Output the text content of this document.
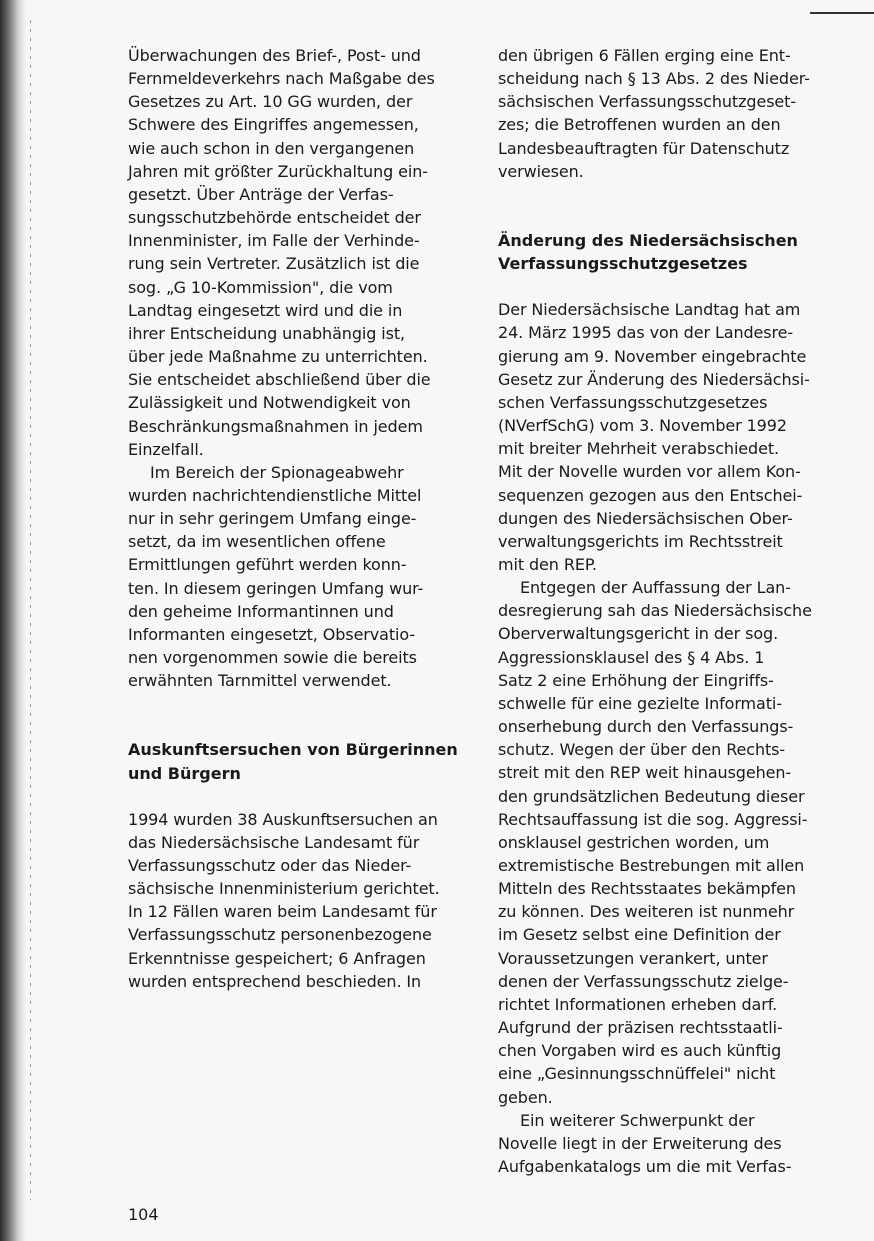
Überwachungen des Brief-, Post- und
Fernmeldeverkehrs nach Maßgabe des
Gesetzes zu Art. 10 GG wurden, der
Schwere des Eingriffes angemessen,
wie auch schon in den vergangenen
Jahren mit größter Zurückhaltung ein-
gesetzt. Über Anträge der Verfas-
sungsschutzbehörde entscheidet der
Innenminister, im Falle der Verhinde-
rung sein Vertreter. Zusätzlich ist die
sog. „G 10-Kommission", die vom
Landtag eingesetzt wird und die in
ihrer Entscheidung unabhängig ist,
über jede Maßnahme zu unterrichten.
Sie entscheidet abschließend über die
Zulässigkeit und Notwendigkeit von
Beschränkungsmaßnahmen in jedem
Einzelfall.
Im Bereich der Spionageabwehr
wurden nachrichtendienstliche Mittel
nur in sehr geringem Umfang einge-
setzt, da im wesentlichen offene
Ermittlungen geführt werden konn-
ten. In diesem geringen Umfang wur-
den geheime Informantinnen und
Informanten eingesetzt, Observatio-
nen vorgenommen sowie die bereits
erwähnten Tarnmittel verwendet.
Auskunftsersuchen von Bürgerinnen
und Bürgern
1994 wurden 38 Auskunftsersuchen an
das Niedersächsische Landesamt für
Verfassungsschutz oder das Nieder-
sächsische Innenministerium gerichtet.
In 12 Fällen waren beim Landesamt für
Verfassungsschutz personenbezogene
Erkenntnisse gespeichert; 6 Anfragen
wurden entsprechend beschieden. In
den übrigen 6 Fällen erging eine Ent-
scheidung nach § 13 Abs. 2 des Nieder-
sächsischen Verfassungsschutzgeset-
zes; die Betroffenen wurden an den
Landesbeauftragten für Datenschutz
verwiesen.
Änderung des Niedersächsischen
Verfassungsschutzgesetzes
Der Niedersächsische Landtag hat am
24. März 1995 das von der Landesre-
gierung am 9. November eingebrachte
Gesetz zur Änderung des Niedersächsi-
schen Verfassungsschutzgesetzes
(NVerfSchG) vom 3. November 1992
mit breiter Mehrheit verabschiedet.
Mit der Novelle wurden vor allem Kon-
sequenzen gezogen aus den Entschei-
dungen des Niedersächsischen Ober-
verwaltungsgerichts im Rechtsstreit
mit den REP.
Entgegen der Auffassung der Lan-
desregierung sah das Niedersächsische
Oberverwaltungsgericht in der sog.
Aggressionsklausel des § 4 Abs. 1
Satz 2 eine Erhöhung der Eingriffs-
schwelle für eine gezielte Informati-
onserhebung durch den Verfassungs-
schutz. Wegen der über den Rechts-
streit mit den REP weit hinausgehen-
den grundsätzlichen Bedeutung dieser
Rechtsauffassung ist die sog. Aggressi-
onsklausel gestrichen worden, um
extremistische Bestrebungen mit allen
Mitteln des Rechtsstaates bekämpfen
zu können. Des weiteren ist nunmehr
im Gesetz selbst eine Definition der
Voraussetzungen verankert, unter
denen der Verfassungsschutz zielge-
richtet Informationen erheben darf.
Aufgrund der präzisen rechtsstaatli-
chen Vorgaben wird es auch künftig
eine „Gesinnungsschnüffelei" nicht
geben.
Ein weiterer Schwerpunkt der
Novelle liegt in der Erweiterung des
Aufgabenkatalogs um die mit Verfas-
104
